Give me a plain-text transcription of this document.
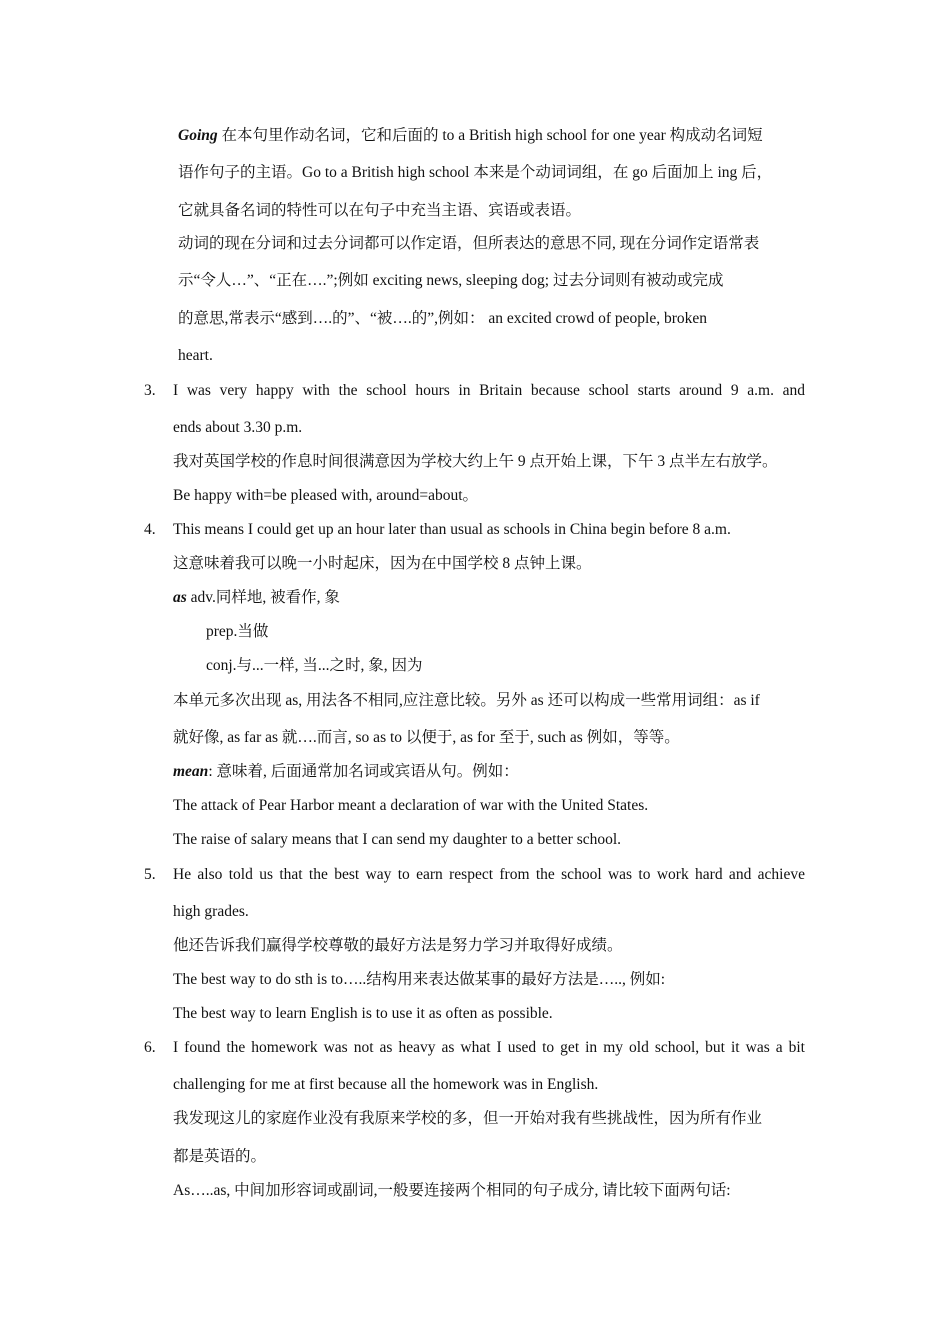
Going 在本句里作动名词，它和后面的 to a British high school for one year 构成动名词短
语作句子的主语。Go to a British high school 本来是个动词词组，在 go 后面加上 ing 后，
它就具备名词的特性可以在句子中充当主语、宾语或表语。
动词的现在分词和过去分词都可以作定语，但所表达的意思不同, 现在分词作定语常表
示“令人…”、“正在….”;例如 exciting news, sleeping dog; 过去分词则有被动或完成
的意思,常表示“感到….的”、“被….的”,例如： an excited crowd of people, broken
heart.
3. I was very happy with the school hours in Britain because school starts around 9 a.m. and
ends about 3.30 p.m.
我对英国学校的作息时间很满意因为学校大约上午 9 点开始上课，下午 3 点半左右放学。
Be happy with=be pleased with, around=about。
4. This means I could get up an hour later than usual as schools in China begin before 8 a.m.
这意味着我可以晚一小时起床，因为在中国学校 8 点钟上课。
as adv.同样地, 被看作, 象
prep.当做
conj.与...一样, 当...之时, 象, 因为
本单元多次出现 as, 用法各不相同,应注意比较。另外 as 还可以构成一些常用词组：as if
就好像, as far as 就….而言, so as to 以便于, as for 至于, such as 例如，等等。
mean: 意味着, 后面通常加名词或宾语从句。例如：
The attack of Pear Harbor meant a declaration of war with the United States.
The raise of salary means that I can send my daughter to a better school.
5. He also told us that the best way to earn respect from the school was to work hard and achieve
high grades.
他还告诉我们赢得学校尊敬的最好方法是努力学习并取得好成绩。
The best way to do sth is to…..结构用来表达做某事的最好方法是….., 例如:
The best way to learn English is to use it as often as possible.
6. I found the homework was not as heavy as what I used to get in my old school, but it was a bit
challenging for me at first because all the homework was in English.
我发现这儿的家庭作业没有我原来学校的多，但一开始对我有些挑战性，因为所有作业
都是英语的。
As…..as, 中间加形容词或副词,一般要连接两个相同的句子成分, 请比较下面两句话:
